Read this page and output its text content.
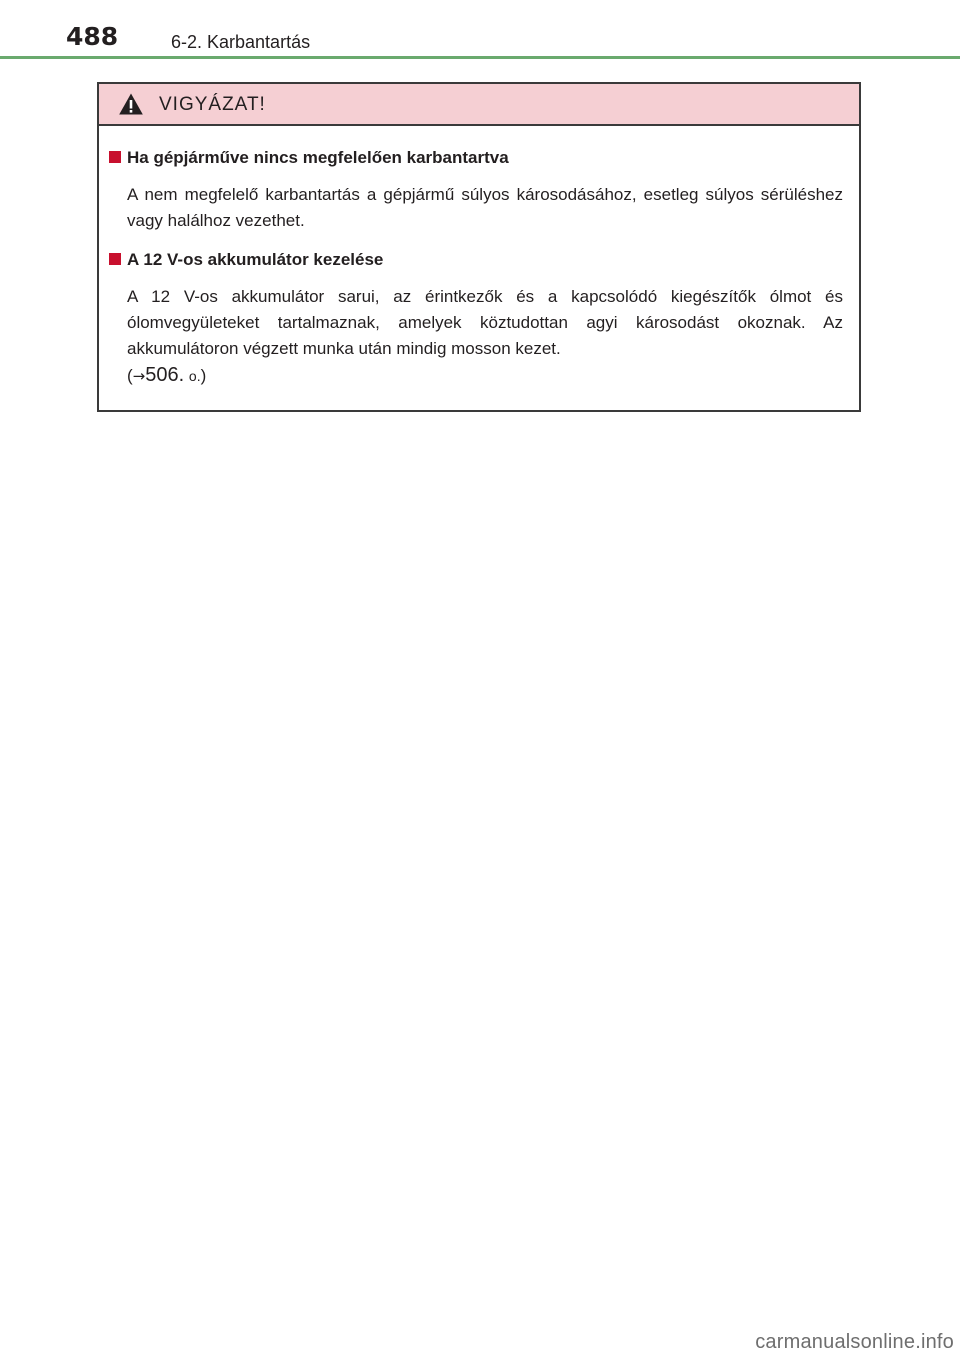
488	6-2. Karbantartás
VIGYÁZAT!

Ha gépjárműve nincs megfelelően karbantartva

A nem megfelelő karbantartás a gépjármű súlyos károsodásához, esetleg súlyos sérüléshez vagy halálhoz vezethet.

A 12 V-os akkumulátor kezelése

A 12 V-os akkumulátor sarui, az érintkezők és a kapcsolódó kiegészítők ólmot és ólomvegyületeket tartalmaznak, amelyek köztudottan agyi károsodást okoznak. Az akkumulátoron végzett munka után mindig mosson kezet.

(→506. o.)

carmanualsonline.info
